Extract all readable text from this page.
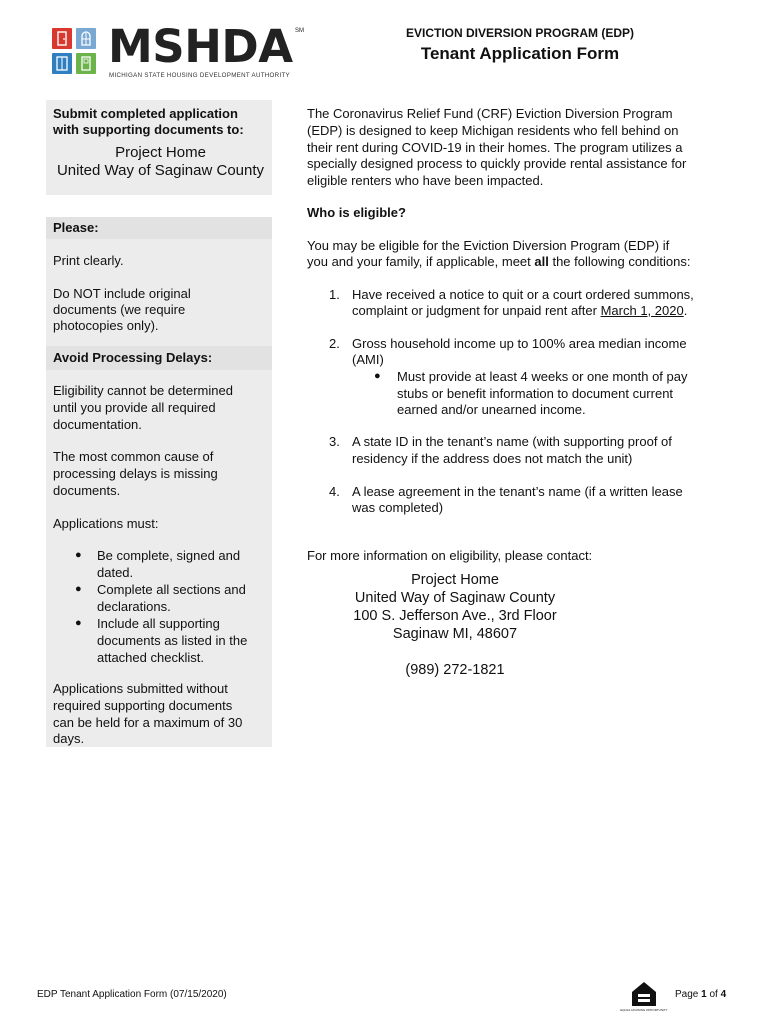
MSHDA SM
MICHIGAN STATE HOUSING DEVELOPMENT AUTHORITY
EVICTION DIVERSION PROGRAM (EDP)
Tenant Application Form
Submit completed application
with supporting documents to:
Project Home
United Way of Saginaw County
Please:
Print clearly.
Do NOT include original
documents (we require
photocopies only).
Avoid Processing Delays:
Eligibility cannot be determined
until you provide all required
documentation.
The most common cause of
processing delays is missing
documents.
Applications must:
● Be complete, signed and
dated.
● Complete all sections and
declarations.
● Include all supporting
documents as listed in the
attached checklist.
Applications submitted without
required supporting documents
can be held for a maximum of 30
days.
The Coronavirus Relief Fund (CRF) Eviction Diversion Program
(EDP) is designed to keep Michigan residents who fell behind on
their rent during COVID-19 in their homes. The program utilizes a
specially designed process to quickly provide rental assistance for
eligible renters who have been impacted.
Who is eligible?
You may be eligible for the Eviction Diversion Program (EDP) if
you and your family, if applicable, meet all the following conditions:
1. Have received a notice to quit or a court ordered summons,
complaint or judgment for unpaid rent after March 1, 2020.
2. Gross household income up to 100% area median income
(AMI)
● Must provide at least 4 weeks or one month of pay
stubs or benefit information to document current
earned and/or unearned income.
3. A state ID in the tenant’s name (with supporting proof of
residency if the address does not match the unit)
4. A lease agreement in the tenant’s name (if a written lease
was completed)
For more information on eligibility, please contact:
Project Home
United Way of Saginaw County
100 S. Jefferson Ave., 3rd Floor
Saginaw MI, 48607
(989) 272-1821
EDP Tenant Application Form (07/15/2020)
EQUAL HOUSING OPPORTUNITY
Page 1 of 4
